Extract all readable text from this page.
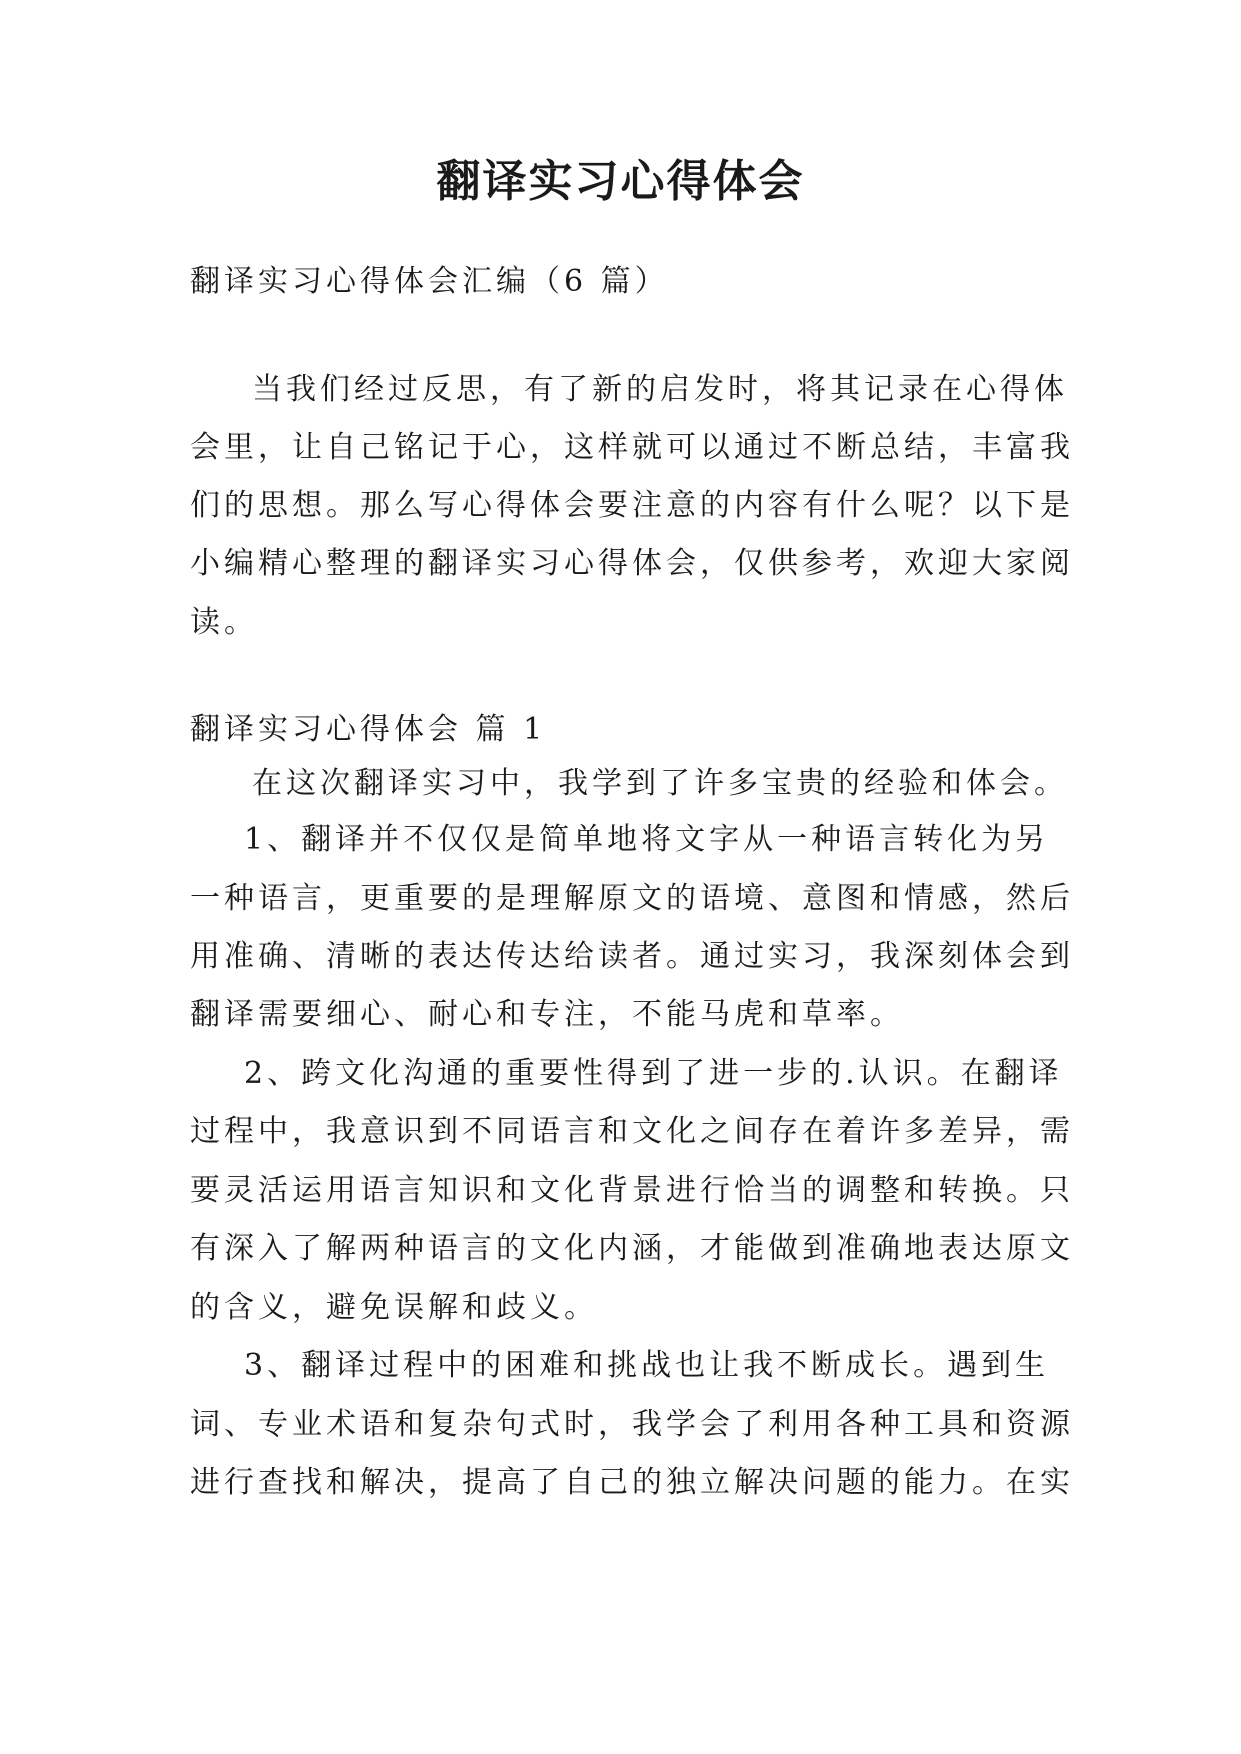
翻译实习心得体会

翻译实习心得体会汇编（6 篇）

当我们经过反思，有了新的启发时，将其记录在心得体

会里，让自己铭记于心，这样就可以通过不断总结，丰富我

们的思想。那么写心得体会要注意的内容有什么呢？以下是

小编精心整理的翻译实习心得体会，仅供参考，欢迎大家阅

读。

翻译实习心得体会 篇 1

在这次翻译实习中，我学到了许多宝贵的经验和体会。

1、翻译并不仅仅是简单地将文字从一种语言转化为另

一种语言，更重要的是理解原文的语境、意图和情感，然后

用准确、清晰的表达传达给读者。通过实习，我深刻体会到

翻译需要细心、耐心和专注，不能马虎和草率。

2、跨文化沟通的重要性得到了进一步的.认识。在翻译

过程中，我意识到不同语言和文化之间存在着许多差异，需

要灵活运用语言知识和文化背景进行恰当的调整和转换。只

有深入了解两种语言的文化内涵，才能做到准确地表达原文

的含义，避免误解和歧义。

3、翻译过程中的困难和挑战也让我不断成长。遇到生

词、专业术语和复杂句式时，我学会了利用各种工具和资源

进行查找和解决，提高了自己的独立解决问题的能力。在实
